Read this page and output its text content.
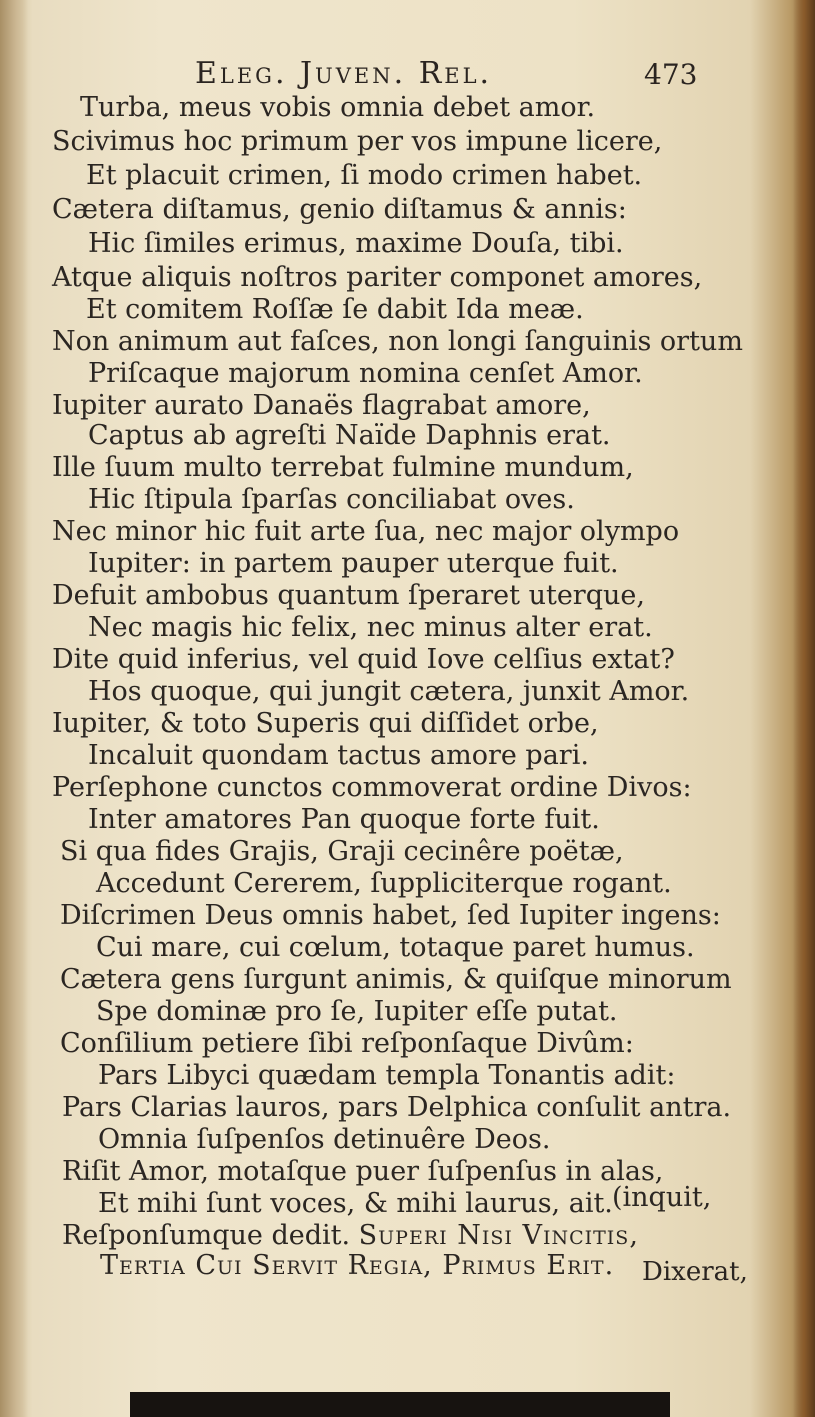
Eleg. Juven. Rel.	473
Turba, meus vobis omnia debet amor.
Scivimus hoc primum per vos impune licere,
Et placuit crimen, ſi modo crimen habet.
Cætera diſtamus, genio diſtamus & annis:
Hic ſimiles erimus, maxime Douſa, tibi.
Atque aliquis noſtros pariter componet amores,
Et comitem Roſſæ ſe dabit Ida meæ.
Non animum aut faſces, non longi ſanguinis ortum
Priſcaque majorum nomina cenſet Amor.
Iupiter aurato Danaës flagrabat amore,
Captus ab agreſti Naïde Daphnis erat.
Ille ſuum multo terrebat fulmine mundum,
Hic ſtipula ſparſas conciliabat oves.
Nec minor hic fuit arte ſua, nec major olympo
Iupiter: in partem pauper uterque fuit.
Defuit ambobus quantum ſperaret uterque,
Nec magis hic felix, nec minus alter erat.
Dite quid inferius, vel quid Iove celſius extat?
Hos quoque, qui jungit cætera, junxit Amor.
Iupiter, & toto Superis qui diſſidet orbe,
Incaluit quondam tactus amore pari.
Perſephone cunctos commoverat ordine Divos:
Inter amatores Pan quoque forte fuit.
Si qua fides Grajis, Graji cecinêre poëtæ,
Accedunt Cererem, ſuppliciterque rogant.
Diſcrimen Deus omnis habet, ſed Iupiter ingens:
Cui mare, cui cœlum, totaque paret humus.
Cætera gens ſurgunt animis, & quiſque minorum
Spe dominæ pro ſe, Iupiter eſſe putat.
Conſilium petiere ſibi reſponſaque Divûm:
Pars Libyci quædam templa Tonantis adit:
Pars Clarias lauros, pars Delphica conſulit antra.
Omnia ſuſpenſos detinuêre Deos.
Riſit Amor, motaſque puer ſuſpenſus in alas,
Et mihi ſunt voces, & mihi laurus, ait. (inquit,
Reſponſumque dedit. Superi Nisi Vincitis,
Tertia Cui Servit Regia, Primus Erit. Dixerat,
